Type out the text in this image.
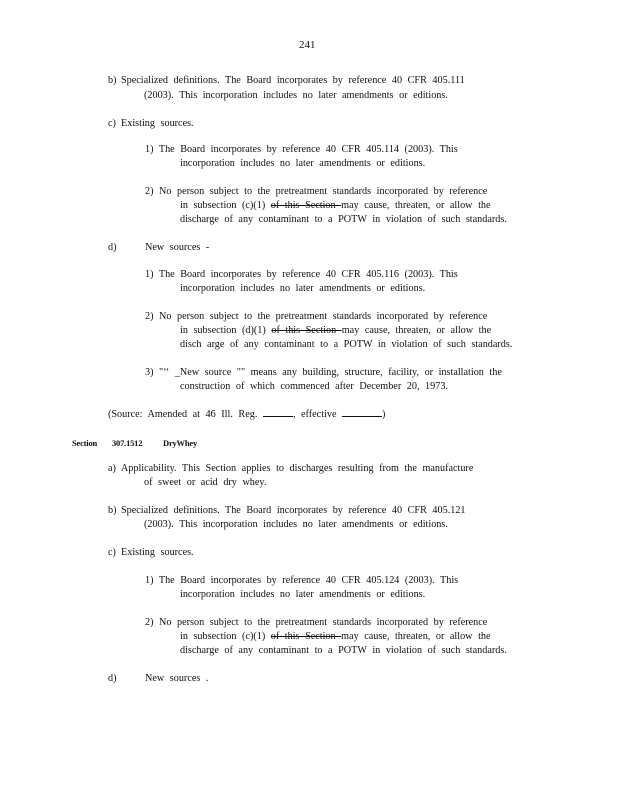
241
b) Specialized definitions. The Board incorporates by reference 40 CFR 405.111
(2003). This incorporation includes no later amendments or editions.
c) Existing sources.
1) The Board incorporates by reference 40 CFR 405.114 (2003). This
incorporation includes no later amendments or editions.
2) No person subject to the pretreatment standards incorporated by reference
in subsection (c)(1) of this Section may cause, threaten, or allow the
discharge of any contaminant to a POTW in violation of such standards.
d)	New sources -
1) The Board incorporates by reference 40 CFR 405.116 (2003). This
incorporation includes no later amendments or editions.
2) No person subject to the pretreatment standards incorporated by reference
in subsection (d)(1) of this Section may cause, threaten, or allow the
disch arge of any contaminant to a POTW in violation of such standards.
3) "‘‘ _New source "" means any building, structure, facility, or installation the
construction of which commenced after December 20, 1973.
(Source: Amended at 46 Ill. Reg.	, effective	)
Section 307.1512 DryWhey
a) Applicability. This Section applies to discharges resulting from the manufacture
of sweet or acid dry whey.
b) Specialized definitions. The Board incorporates by reference 40 CFR 405.121
(2003). This incorporation includes no later amendments or editions.
c) Existing sources.
1) The Board incorporates by reference 40 CFR 405.124 (2003). This
incorporation includes no later amendments or editions.
2) No person subject to the pretreatment standards incorporated by reference
in subsection (c)(1) of this Section may cause, threaten, or allow the
discharge of any contaminant to a POTW in violation of such standards.
d)	New sources .
